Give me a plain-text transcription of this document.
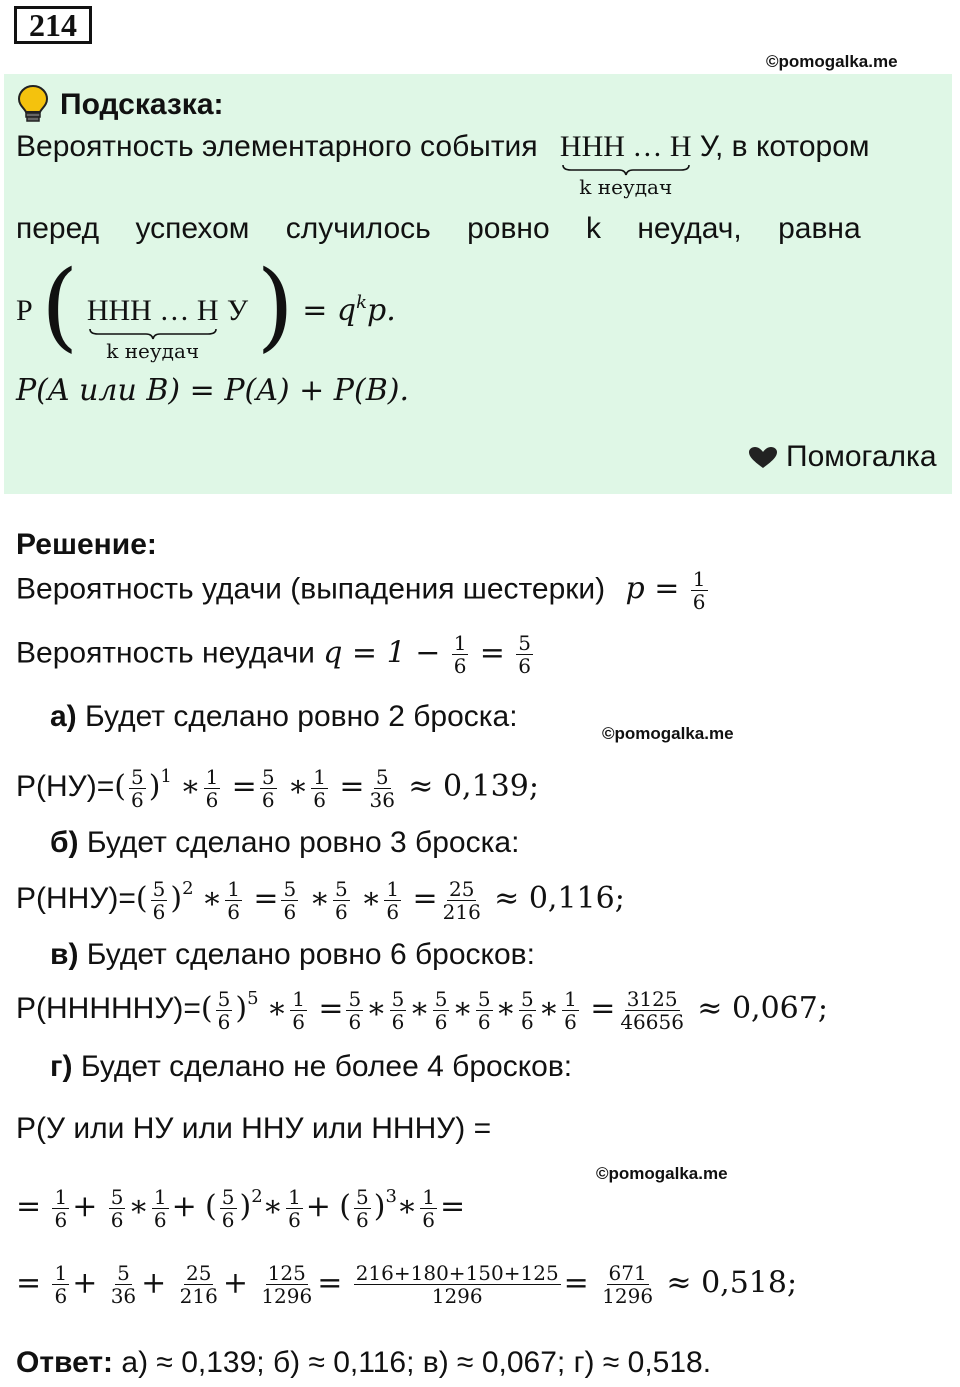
214
©pomogalka.me
Подсказка:
Вероятность элементарного события ННН … Н
k неудач
У, в котором
перед успехом случилось ровно k неудач, равна
P ( ННН … Н
k неудач
У ) = qkp.
P(A или B) = P(A) + P(B).
Помогалка
Решение:
Вероятность удачи (выпадения шестерки) $p = \frac{1}{6}$
Вероятность неудачи $q = 1 - \frac{1}{6} = \frac{5}{6}$
а) Будет сделано ровно 2 броска:
©pomogalka.me
$P(НУ)=( \frac{5}{6} )^1$ ∗ $\frac{1}{6} = \frac{5}{6}$ ∗ $\frac{1}{6} = \frac{5}{36} \approx 0,139$;
б) Будет сделано ровно 3 броска:
$P(ННУ)=( \frac{5}{6} )^2$ ∗ $\frac{1}{6} = \frac{5}{6}$ ∗ $\frac{5}{6}$ ∗ $\frac{1}{6} = \frac{25}{216} \approx 0,116$;
в) Будет сделано ровно 6 бросков:
P(НННННУ)=( $\frac{5}{6} )^5$ ∗ $\frac{1}{6} = \frac{5}{6}$ ∗ $\frac{5}{6}$ ∗ $\frac{5}{6}$ ∗ $\frac{5}{6}$ ∗ $\frac{5}{6}$ ∗ $\frac{1}{6} = \frac{3125}{46656} \approx 0,067$;
г) Будет сделано не более 4 бросков:
P(У или НУ или ННУ или НННУ) =
©pomogalka.me
= $\frac{1}{6} + \frac{5}{6}$ ∗ $\frac{1}{6}$ + ( $\frac{5}{6}$ )$^2$∗ $\frac{1}{6}$ + ( $\frac{5}{6}$ )$^3$∗ $\frac{1}{6}$ =
= $\frac{1}{6} + \frac{5}{36} + \frac{25}{216} + \frac{125}{1296} = \frac{216+180+150+125}{1296} = \frac{671}{1296} \approx 0,518$;
Ответ: а) ≈ 0,139; б) ≈ 0,116; в) ≈ 0,067; г) ≈ 0,518.
